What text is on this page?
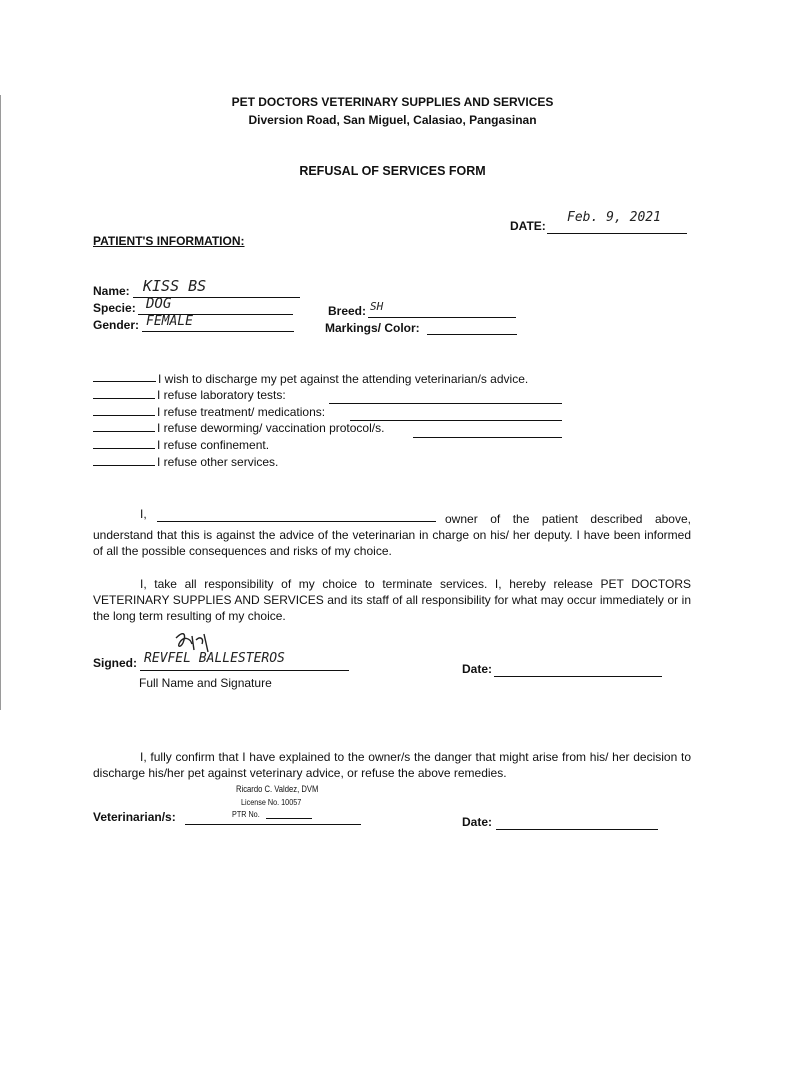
PET DOCTORS VETERINARY SUPPLIES AND SERVICES
Diversion Road, San Miguel, Calasiao, Pangasinan
REFUSAL OF SERVICES FORM
DATE:
Feb. 9, 2021
PATIENT'S INFORMATION:
Name: KISS BS
Specie: DOG
Gender: FEMALE
Breed: SH
Markings/ Color:
I wish to discharge my pet against the attending veterinarian/s advice.
I refuse laboratory tests:
I refuse treatment/ medications:
I refuse deworming/ vaccination protocol/s.
I refuse confinement.
I refuse other services.
I,	owner of the patient described above,
understand that this is against the advice of the veterinarian in charge on his/ her deputy. I have been informed of all the possible consequences and risks of my choice.
I, take all responsibility of my choice to terminate services. I, hereby release PET DOCTORS VETERINARY SUPPLIES AND SERVICES and its staff of all responsibility for what may occur immediately or in the long term resulting of my choice.
Signed: REVFEL BALLESTEROS
Full Name and Signature
Date:
I, fully confirm that I have explained to the owner/s the danger that might arise from his/ her decision to discharge his/her pet against veterinary advice, or refuse the above remedies.
Ricardo C. Valdez, DVM
License No. 10057
PTR No.
Veterinarian/s:	Date:
